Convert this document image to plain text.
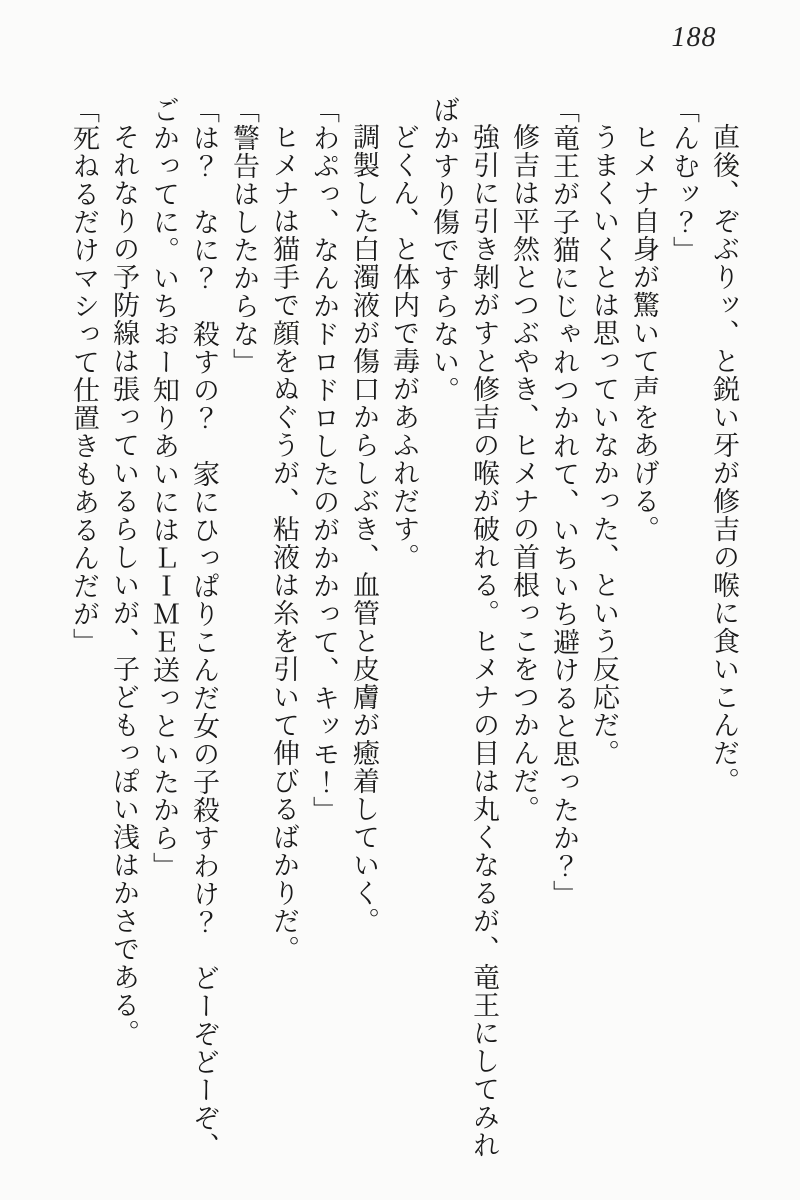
188

直後、ぞぶりッ、と鋭い牙が修吉の喉に食いこんだ。

「んむッ？」

ヒメナ自身が驚いて声をあげる。

うまくいくとは思っていなかった、という反応だ。

「竜王が子猫にじゃれつかれて、いちいち避けると思ったか？」

修吉は平然とつぶやき、ヒメナの首根っこをつかんだ。

強引に引き剝がすと修吉の喉が破れる。ヒメナの目は丸くなるが、竜王にしてみればかすり傷ですらない。

どくん、と体内で毒があふれだす。

調製した白濁液が傷口からしぶき、血管と皮膚が癒着していく。

「わぷっ、なんかドロドロしたのがかかって、キッモ！」

ヒメナは猫手で顔をぬぐうが、粘液は糸を引いて伸びるばかりだ。

「警告はしたからな」

「は？　なに？　殺すの？　家にひっぱりこんだ女の子殺すわけ？　どーぞどーぞ、ごかってに。いちおー知りあいにはＬＩＭＥ送っといたから」

それなりの予防線は張っているらしいが、子どもっぽい浅はかさである。

「死ねるだけマシって仕置きもあるんだが」
